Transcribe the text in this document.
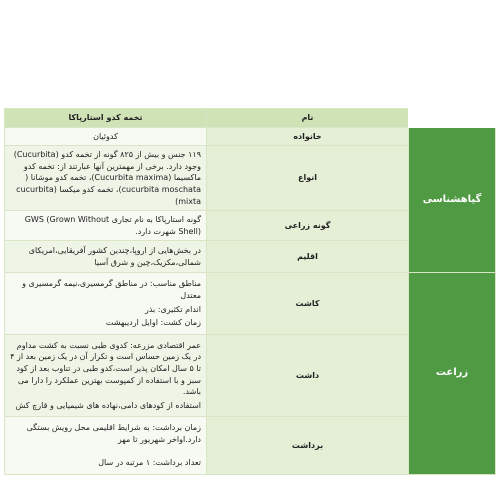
	نام	تخمه کدو استارپاکا
گیاهشناسی	خانواده	کدوئیان
	انواع	۱۱۹ جنس و بیش از ۸۲۵ گونه از تخمه کدو (Cucurbita) وجود دارد. برخی از مهمترین آنها عبارتند از: تخمه کدو ماکسیما (Cucurbita maxima)، تخمه کدو موشانا ( cucurbita moschata)، تخمه کدو میکسا (cucurbita mixta)
	گونه زراعی	گونه استارپاکا به نام تجاری GWS (Grown Without Shell) شهرت دارد.
	اقلیم	در بخش‌هایی از اروپا،چندین کشور آفریقایی،امریکای شمالی،مکزیک،چین و شرق آسیا
زراعت	کاشت	مناطق مناسب: در مناطق گرمسیری،نیمه گرمسیری و معتدل
اندام تکثیری: بذر
زمان کشت: اوایل اردیبهشت

	داشت	عمر اقتصادی مزرعه: کدوی طبی نسبت به کشت مداوم در یک زمین حساس است و تکرار آن در یک زمین بعد از ۴ تا ۵ سال امکان پذیر است،کدو طبی در تناوب بعد از کود سبز و با استفاده از کمپوست بهترین عملکرد را دارا می باشد.
استفاده از کودهای دامی،نهاده های شیمیایی و قارچ کش

	برداشت	زمان برداشت: به شرایط اقلیمی محل رویش بستگی دارد.اواخر شهریور تا مهر
تعداد برداشت: ۱ مرتبه در سال
